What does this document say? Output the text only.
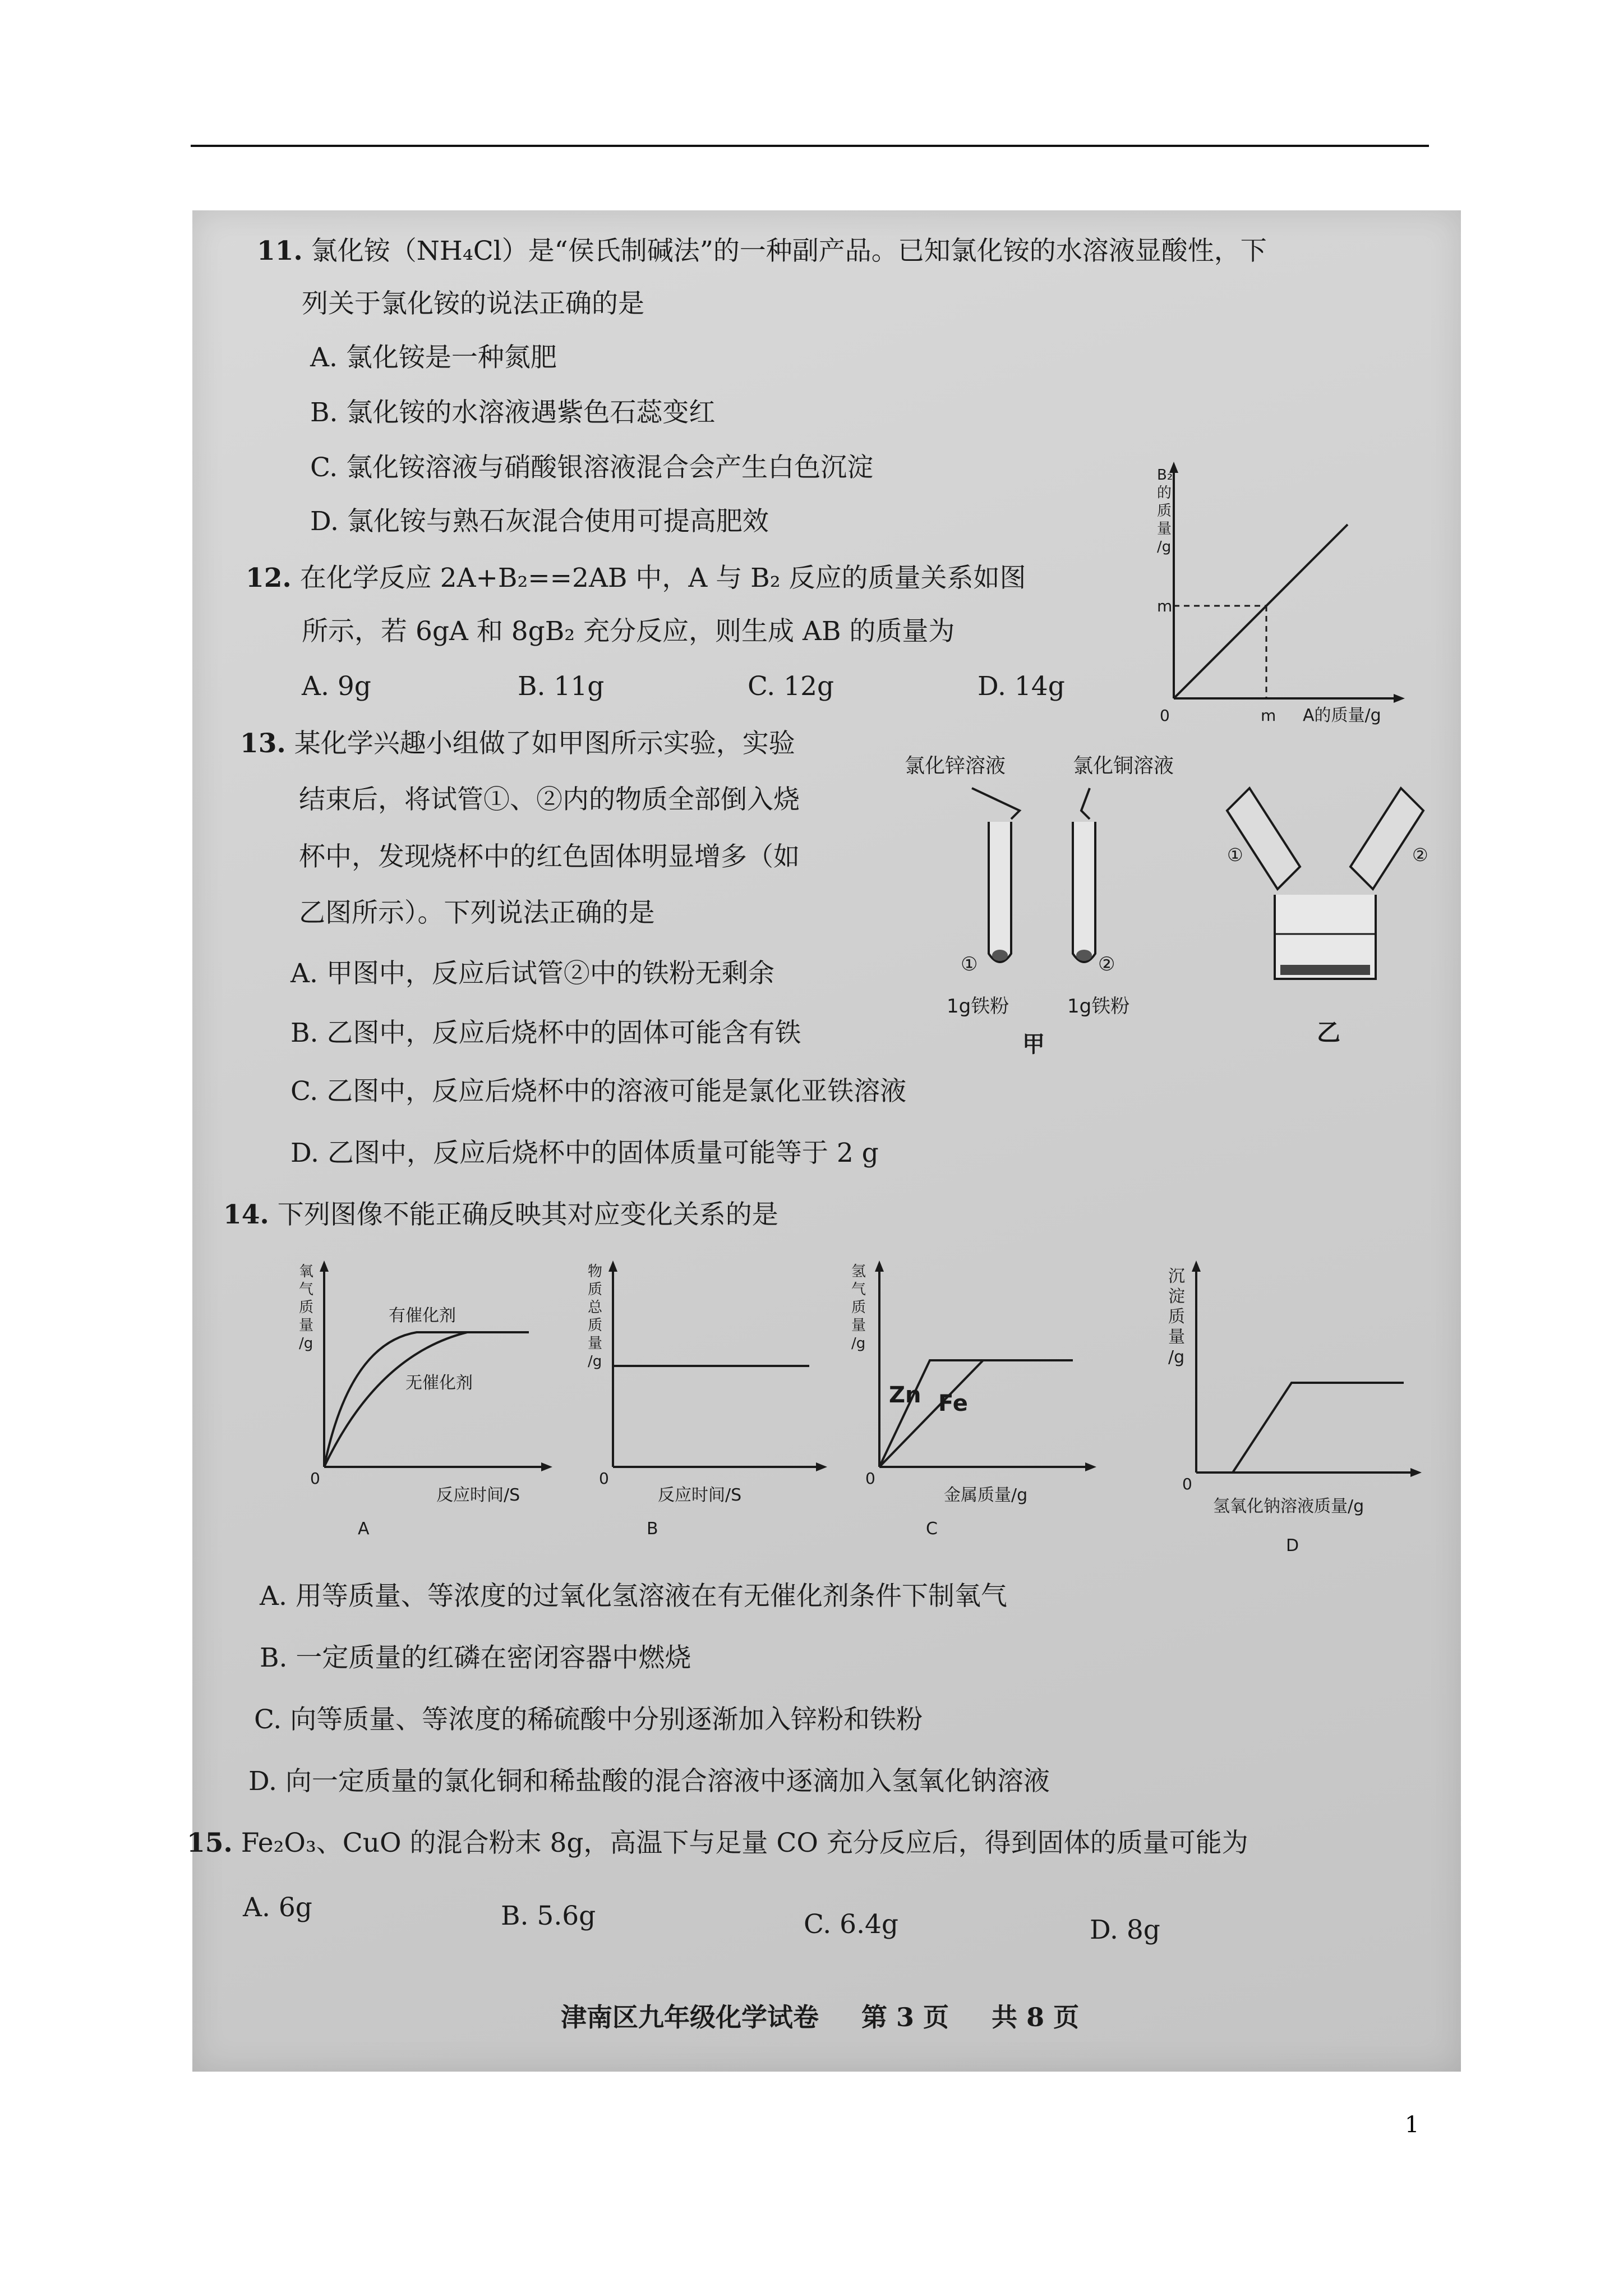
11. 氯化铵（NH₄Cl）是“侯氏制碱法”的一种副产品。已知氯化铵的水溶液显酸性，下
列关于氯化铵的说法正确的是
A. 氯化铵是一种氮肥
B. 氯化铵的水溶液遇紫色石蕊变红
C. 氯化铵溶液与硝酸银溶液混合会产生白色沉淀
D. 氯化铵与熟石灰混合使用可提高肥效
12. 在化学反应 2A+B₂==2AB 中，A 与 B₂ 反应的质量关系如图
所示，若 6gA 和 8gB₂ 充分反应，则生成 AB 的质量为
A. 9g	B. 11g	C. 12g	D. 14g
B₂
的
质
量
/g
m
m
0	A的质量/g
13. 某化学兴趣小组做了如甲图所示实验，实验
结束后，将试管①、②内的物质全部倒入烧
杯中，发现烧杯中的红色固体明显增多（如
乙图所示）。下列说法正确的是
A. 甲图中，反应后试管②中的铁粉无剩余
B. 乙图中，反应后烧杯中的固体可能含有铁
C. 乙图中，反应后烧杯中的溶液可能是氯化亚铁溶液
D. 乙图中，反应后烧杯中的固体质量可能等于 2 g
氯化锌溶液	氯化铜溶液
①	②
1g铁粉	1g铁粉
甲
①	②
乙
14. 下列图像不能正确反映其对应变化关系的是
氧
气
质
量
/g
有催化剂
无催化剂
0
反应时间/S
A
物
质
总
质
量
/g
0
反应时间/S
B
氢
气
质
量
/g
Zn Fe
0
金属质量/g
C
沉
淀
质
量
/g
0
氢氧化钠溶液质量/g
D
A. 用等质量、等浓度的过氧化氢溶液在有无催化剂条件下制氧气
B. 一定质量的红磷在密闭容器中燃烧
C. 向等质量、等浓度的稀硫酸中分别逐渐加入锌粉和铁粉
D. 向一定质量的氯化铜和稀盐酸的混合溶液中逐滴加入氢氧化钠溶液
15. Fe₂O₃、CuO 的混合粉末 8g，高温下与足量 CO 充分反应后，得到固体的质量可能为
A. 6g	B. 5.6g	C. 6.4g	D. 8g
津南区九年级化学试卷 第 3 页 共 8 页
1
